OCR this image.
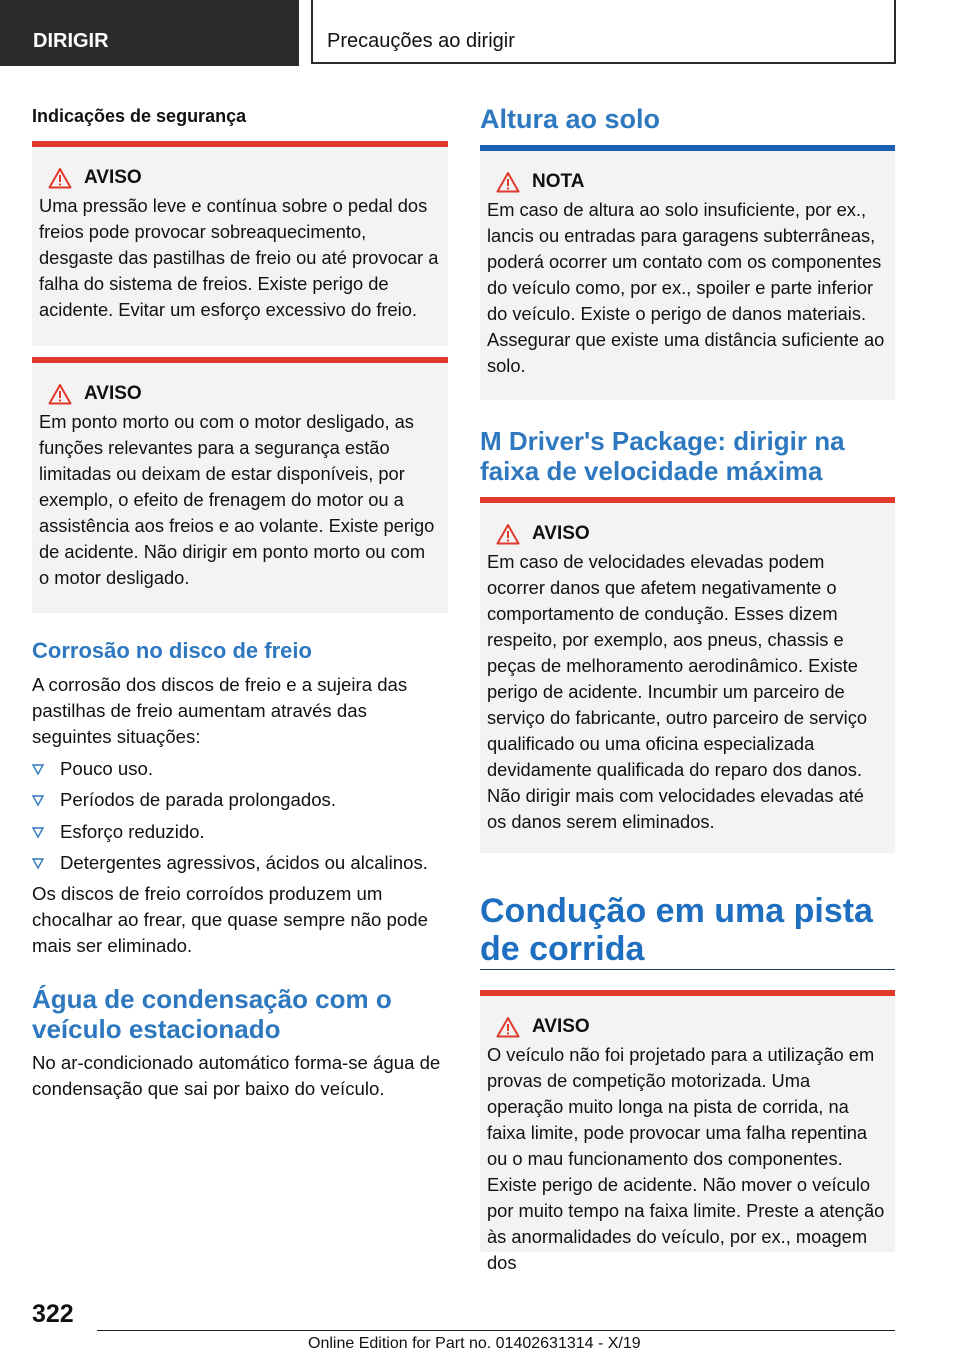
DIRIGIR	Precauções ao dirigir
Indicações de segurança
AVISO

Uma pressão leve e contínua sobre o pedal dos freios pode provocar sobreaquecimento, desgaste das pastilhas de freio ou até provocar a falha do sistema de freios. Existe perigo de acidente. Evitar um esforço excessivo do freio.

AVISO

Em ponto morto ou com o motor desligado, as funções relevantes para a segurança estão limitadas ou deixam de estar disponíveis, por exemplo, o efeito de frenagem do motor ou a assistência aos freios e ao volante. Existe perigo de acidente. Não dirigir em ponto morto ou com o motor desligado.

Corrosão no disco de freio

A corrosão dos discos de freio e a sujeira das pastilhas de freio aumentam através das seguintes situações:

Pouco uso.
Períodos de parada prolongados.
Esforço reduzido.
Detergentes agressivos, ácidos ou alcalinos.

Os discos de freio corroídos produzem um chocalhar ao frear, que quase sempre não pode mais ser eliminado.

Água de condensação com o veículo estacionado

No ar-condicionado automático forma-se água de condensação que sai por baixo do veículo.

Altura ao solo
NOTA

Em caso de altura ao solo insuficiente, por ex., lancis ou entradas para garagens subterrâneas, poderá ocorrer um contato com os componentes do veículo como, por ex., spoiler e parte inferior do veículo. Existe o perigo de danos materiais. Assegurar que existe uma distância suficiente ao solo.

M Driver's Package: dirigir na faixa de velocidade máxima
AVISO

Em caso de velocidades elevadas podem ocorrer danos que afetem negativamente o comportamento de condução. Esses dizem respeito, por exemplo, aos pneus, chassis e peças de melhoramento aerodinâmico. Existe perigo de acidente. Incumbir um parceiro de serviço do fabricante, outro parceiro de serviço qualificado ou uma oficina especializada devidamente qualificada do reparo dos danos. Não dirigir mais com velocidades elevadas até os danos serem eliminados.

Condução em uma pista de corrida
AVISO

O veículo não foi projetado para a utilização em provas de competição motorizada. Uma operação muito longa na pista de corrida, na faixa limite, pode provocar uma falha repentina ou o mau funcionamento dos componentes. Existe perigo de acidente. Não mover o veículo por muito tempo na faixa limite. Preste a atenção às anormalidades do veículo, por ex., moagem dos

322
Online Edition for Part no. 01402631314 - X/19
